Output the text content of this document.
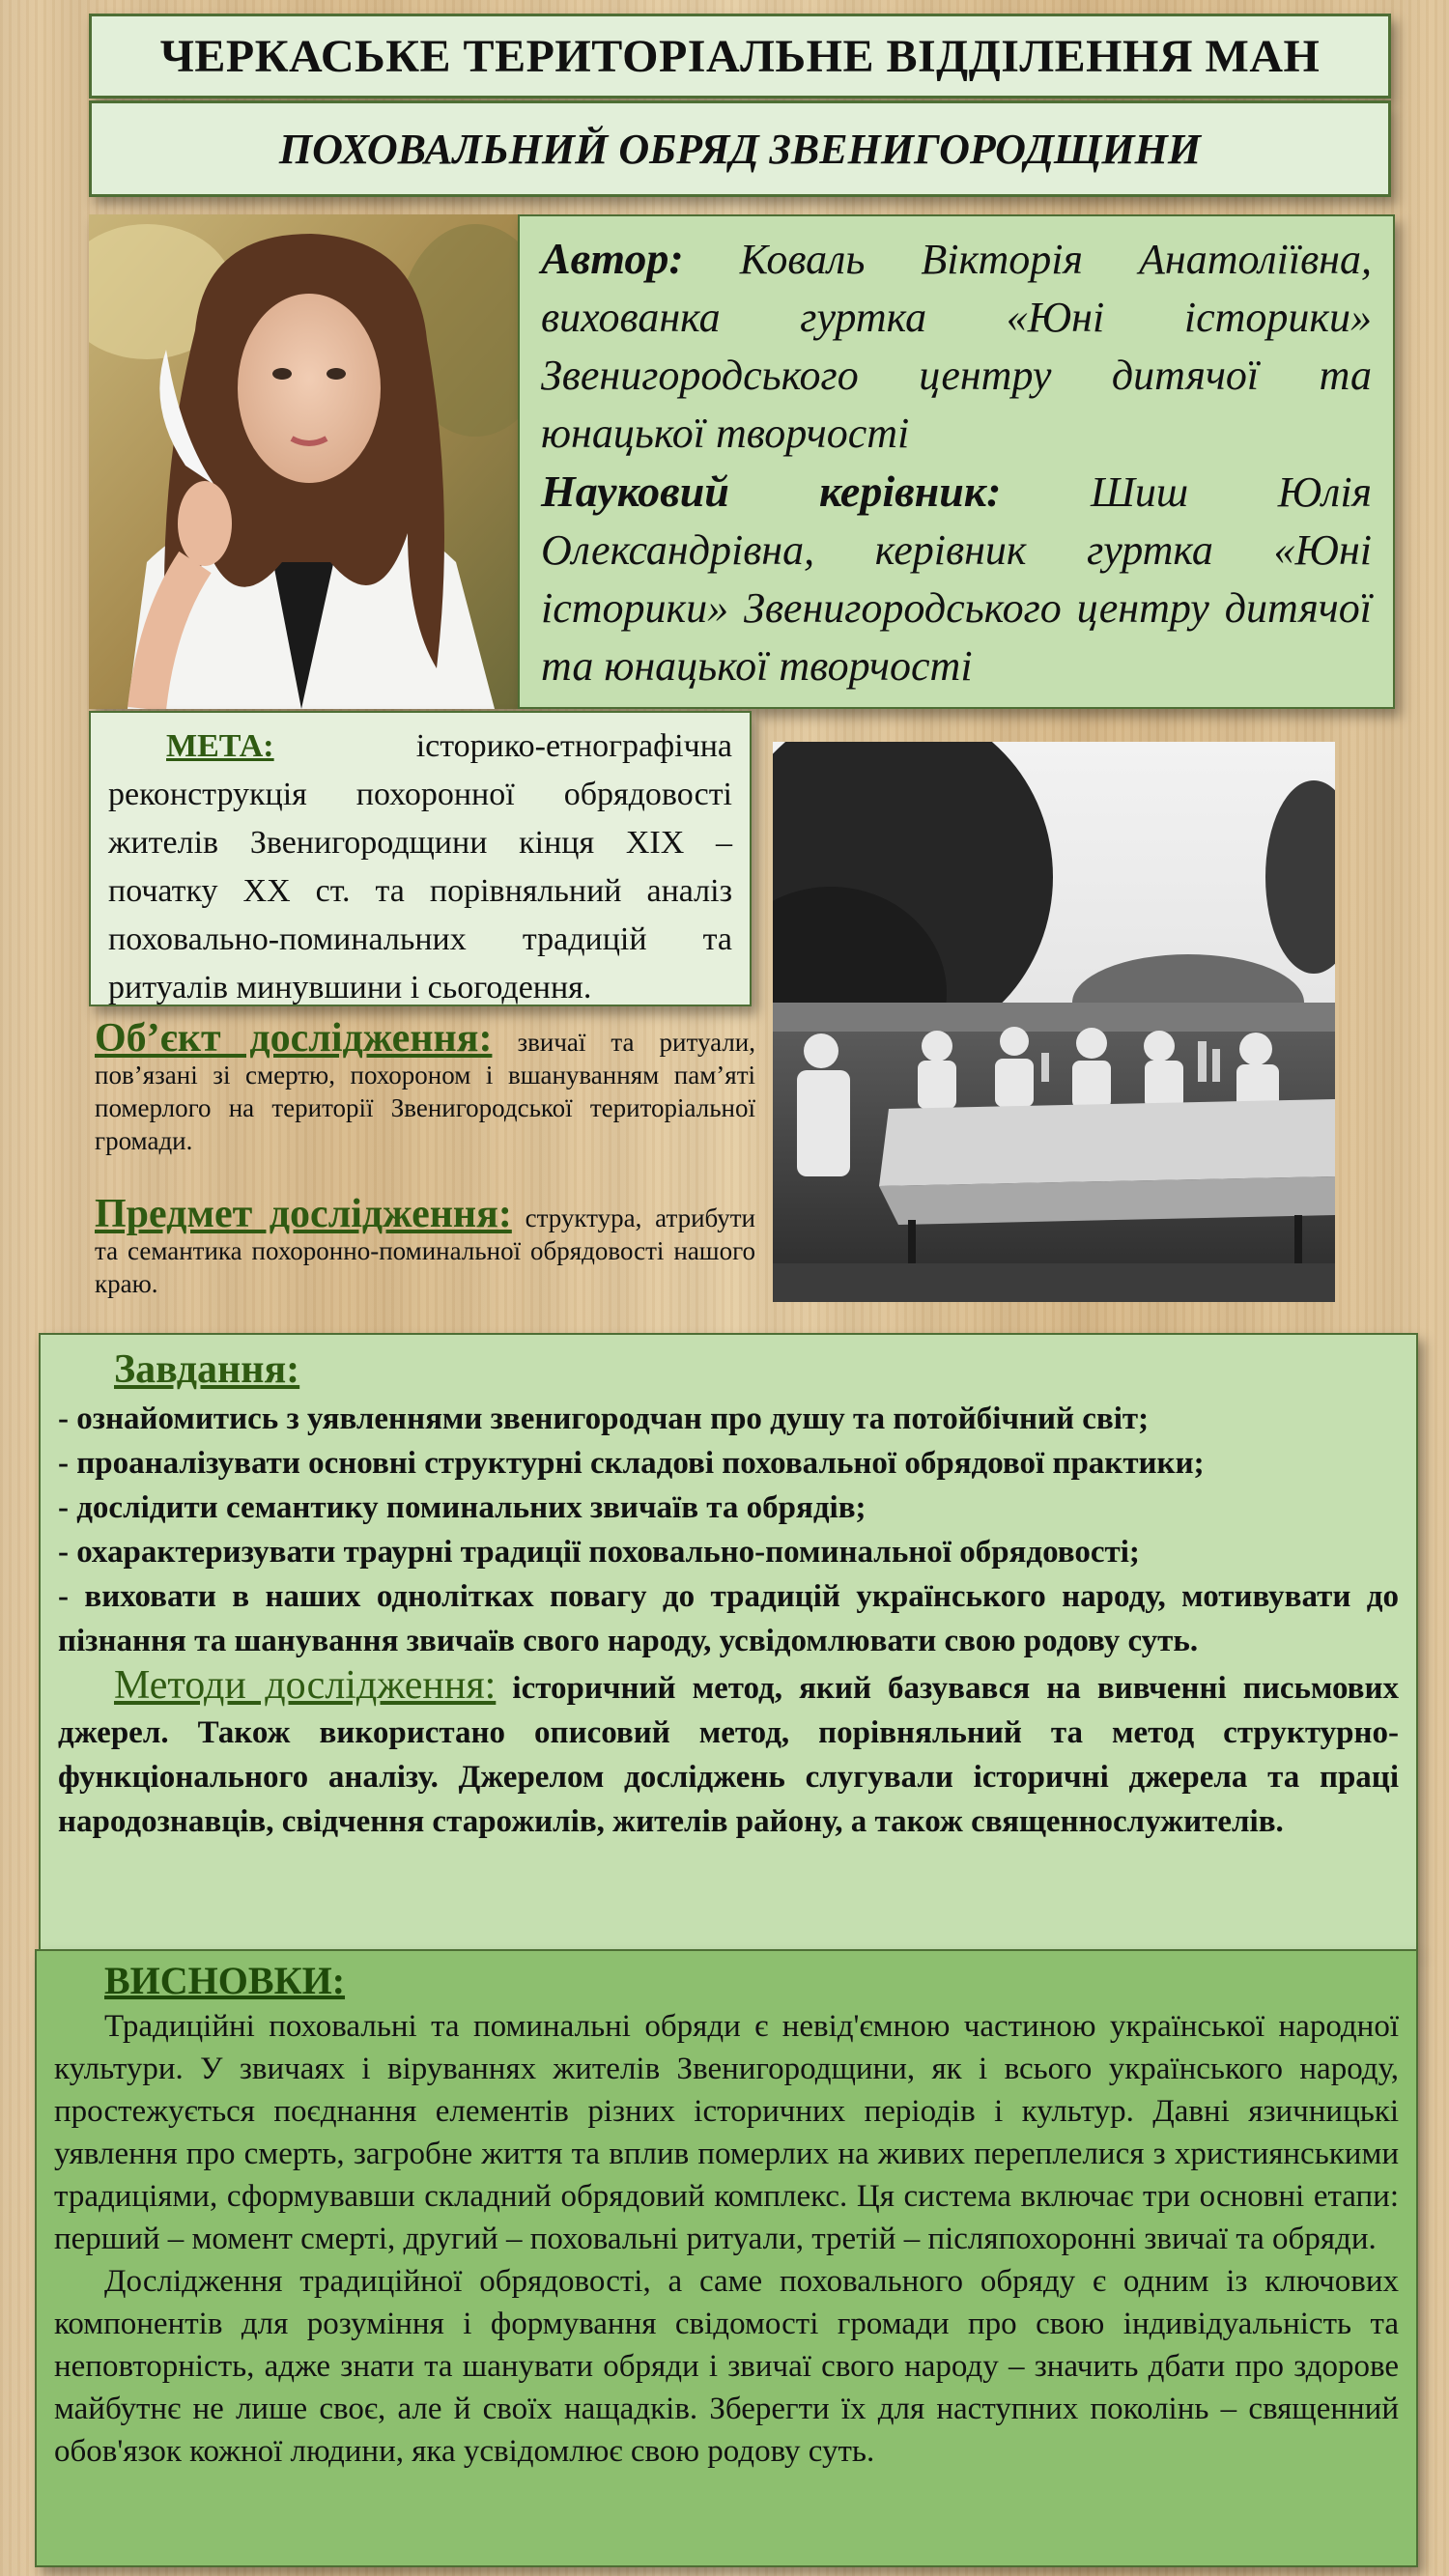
ЧЕРКАСЬКЕ ТЕРИТОРІАЛЬНЕ ВІДДІЛЕННЯ МАН
ПОХОВАЛЬНИЙ ОБРЯД ЗВЕНИГОРОДЩИНИ

Автор: Коваль Вікторія Анатоліївна, вихованка гуртка «Юні історики» Звенигородського центру дитячої та юнацької творчості

Науковий керівник: Шиш Юлія Олександрівна, керівник гуртка «Юні історики» Звенигородського центру дитячої та юнацької творчості

МЕТА: історико-етнографічна реконструкція похоронної обрядовості жителів Звенигородщини кінця XIX – початку XX ст. та порівняльний аналіз поховально-поминальних традицій та ритуалів минувшини і сьогодення.

Об’єкт дослідження: звичаї та ритуали, пов’язані зі смертю, похороном і вшануванням пам’яті померлого на території Звенигородської територіальної громади.

Предмет дослідження: структура, атрибути та семантика похоронно-поминальної обрядовості нашого краю.

Завдання:

- ознайомитись з уявленнями звенигородчан про душу та потойбічний світ;
- проаналізувати основні структурні складові поховальної обрядової практики;
- дослідити семантику поминальних звичаїв та обрядів;
- охарактеризувати траурні традиції поховально-поминальної обрядовості;
- виховати в наших однолітках повагу до традицій українського народу, мотивувати до пізнання та шанування звичаїв свого народу, усвідомлювати свою родову суть.

Методи дослідження: історичний метод, який базувався на вивченні письмових джерел. Також використано описовий метод, порівняльний та метод структурно-функціонального аналізу. Джерелом досліджень слугували історичні джерела та праці народознавців, свідчення старожилів, жителів району, а також священнослужителів.

ВИСНОВКИ:

Традиційні поховальні та поминальні обряди є невід'ємною частиною української народної культури. У звичаях і віруваннях жителів Звенигородщини, як і всього українського народу, простежується поєднання елементів різних історичних періодів і культур. Давні язичницькі уявлення про смерть, загробне життя та вплив померлих на живих переплелися з християнськими традиціями, сформувавши складний обрядовий комплекс. Ця система включає три основні етапи: перший – момент смерті, другий – поховальні ритуали, третій – післяпохоронні звичаї та обряди.

Дослідження традиційної обрядовості, а саме поховального обряду є одним із ключових компонентів для розуміння і формування свідомості громади про свою індивідуальність та неповторність, адже знати та шанувати обряди і звичаї свого народу – значить дбати про здорове майбутнє не лише своє, але й своїх нащадків. Зберегти їх для наступних поколінь – священний обов'язок кожної людини, яка усвідомлює свою родову суть.
